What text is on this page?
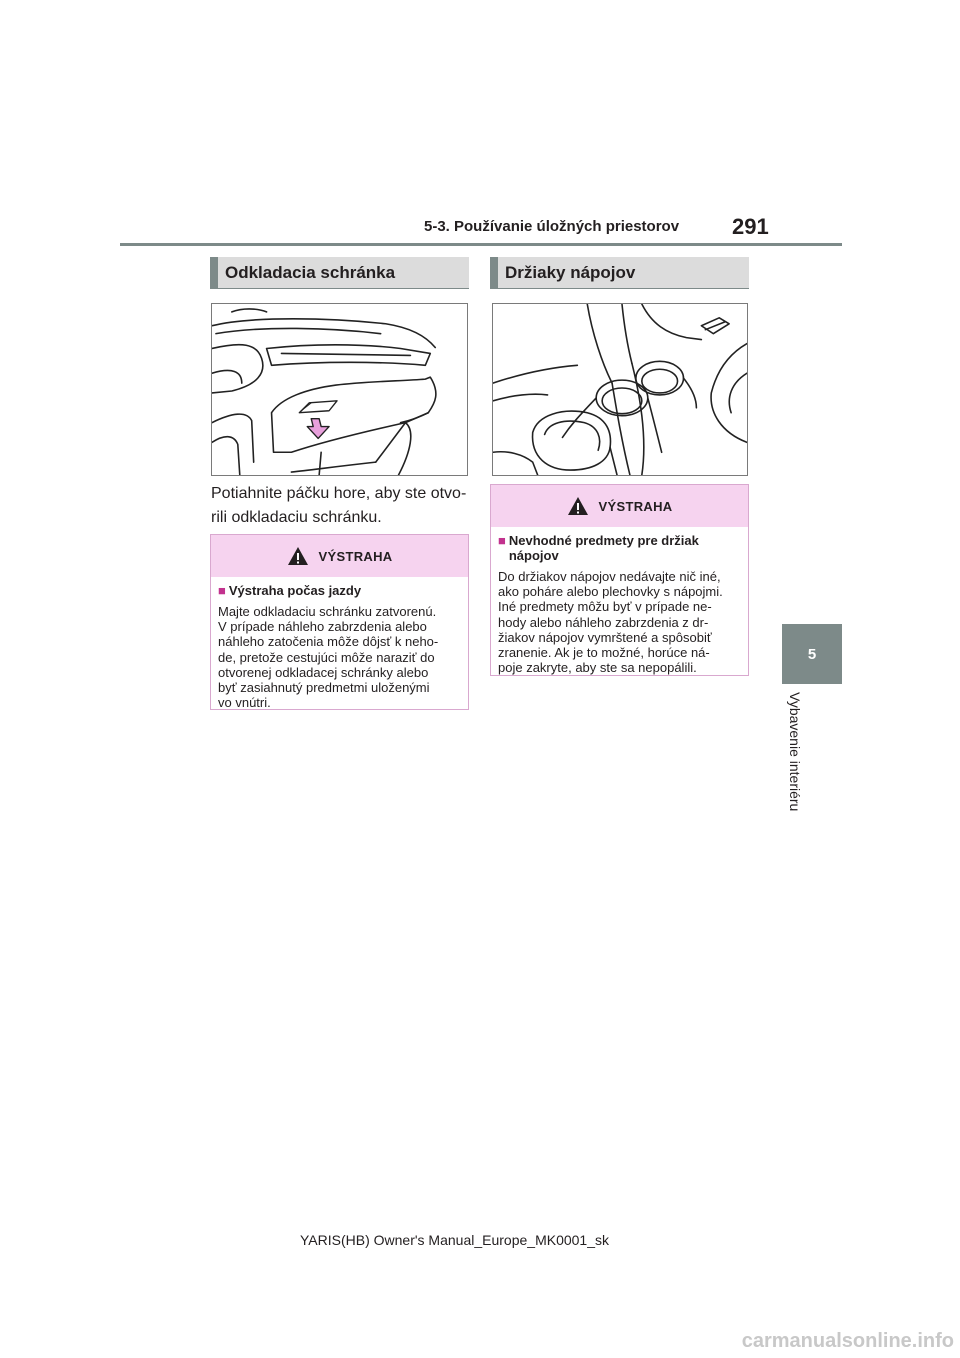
5-3. Používanie úložných priestorov 291
5
Vybavenie interiéru
Odkladacia schránka
Potiahnite páčku hore, aby ste otvo-
rili odkladaciu schránku.
VÝSTRAHA
■ Výstraha počas jazdy
Majte odkladaciu schránku zatvorenú.
V prípade náhleho zabrzdenia alebo
náhleho zatočenia môže dôjsť k neho-
de, pretože cestujúci môže naraziť do
otvorenej odkladacej schránky alebo
byť zasiahnutý predmetmi uloženými
vo vnútri.
Držiaky nápojov
VÝSTRAHA
■ Nevhodné predmety pre držiak
nápojov
Do držiakov nápojov nedávajte nič iné,
ako poháre alebo plechovky s nápojmi.
Iné predmety môžu byť v prípade ne-
hody alebo náhleho zabrzdenia z dr-
žiakov nápojov vymrštené a spôsobiť
zranenie. Ak je to možné, horúce ná-
poje zakryte, aby ste sa nepopálili.
YARIS(HB) Owner's Manual_Europe_MK0001_sk
carmanualsonline.info
